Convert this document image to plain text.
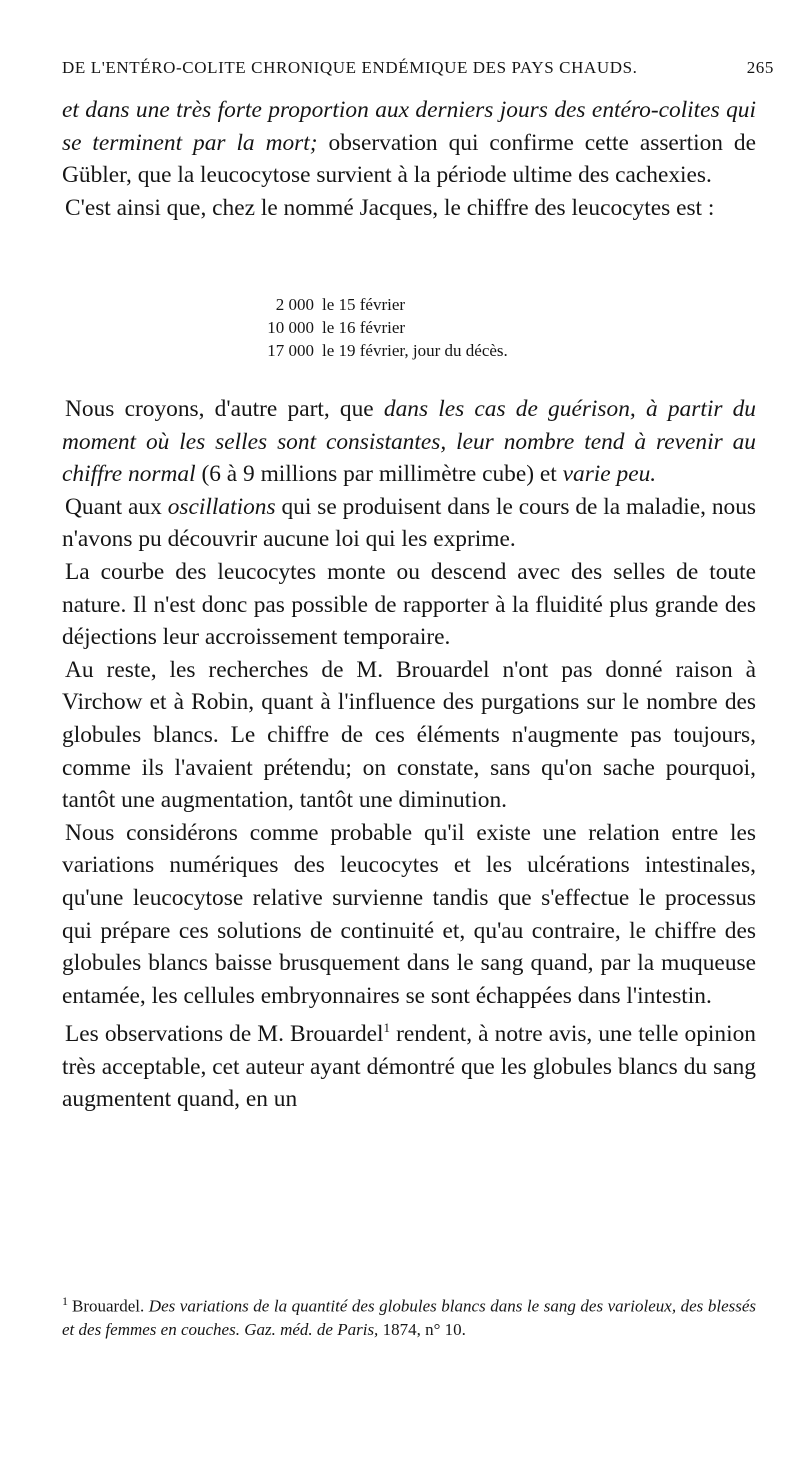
DE L'ENTÉRO-COLITE CHRONIQUE ENDÉMIQUE DES PAYS CHAUDS.	265

et dans une très forte proportion aux derniers jours des entéro-colites qui se terminent par la mort; observation qui confirme cette assertion de Gübler, que la leucocytose survient à la période ultime des cachexies.

C'est ainsi que, chez le nommé Jacques, le chiffre des leucocytes est :

2 000 le 15 février
10 000 le 16 février
17 000 le 19 février, jour du décès.

Nous croyons, d'autre part, que dans les cas de guérison, à partir du moment où les selles sont consistantes, leur nombre tend à revenir au chiffre normal (6 à 9 millions par millimètre cube) et varie peu.

Quant aux oscillations qui se produisent dans le cours de la maladie, nous n'avons pu découvrir aucune loi qui les exprime.

La courbe des leucocytes monte ou descend avec des selles de toute nature. Il n'est donc pas possible de rapporter à la fluidité plus grande des déjections leur accroissement temporaire.

Au reste, les recherches de M. Brouardel n'ont pas donné raison à Virchow et à Robin, quant à l'influence des purgations sur le nombre des globules blancs. Le chiffre de ces éléments n'augmente pas toujours, comme ils l'avaient prétendu; on constate, sans qu'on sache pourquoi, tantôt une augmentation, tantôt une diminution.

Nous considérons comme probable qu'il existe une relation entre les variations numériques des leucocytes et les ulcérations intestinales, qu'une leucocytose relative survienne tandis que s'effectue le processus qui prépare ces solutions de continuité et, qu'au contraire, le chiffre des globules blancs baisse brusquement dans le sang quand, par la muqueuse entamée, les cellules embryonnaires se sont échappées dans l'intestin.

Les observations de M. Brouardel$^1$ rendent, à notre avis, une telle opinion très acceptable, cet auteur ayant démontré que les globules blancs du sang augmentent quand, en un

$^1$ Brouardel. Des variations de la quantité des globules blancs dans le sang des varioleux, des blessés et des femmes en couches. Gaz. méd. de Paris, 1874, n° 10.
